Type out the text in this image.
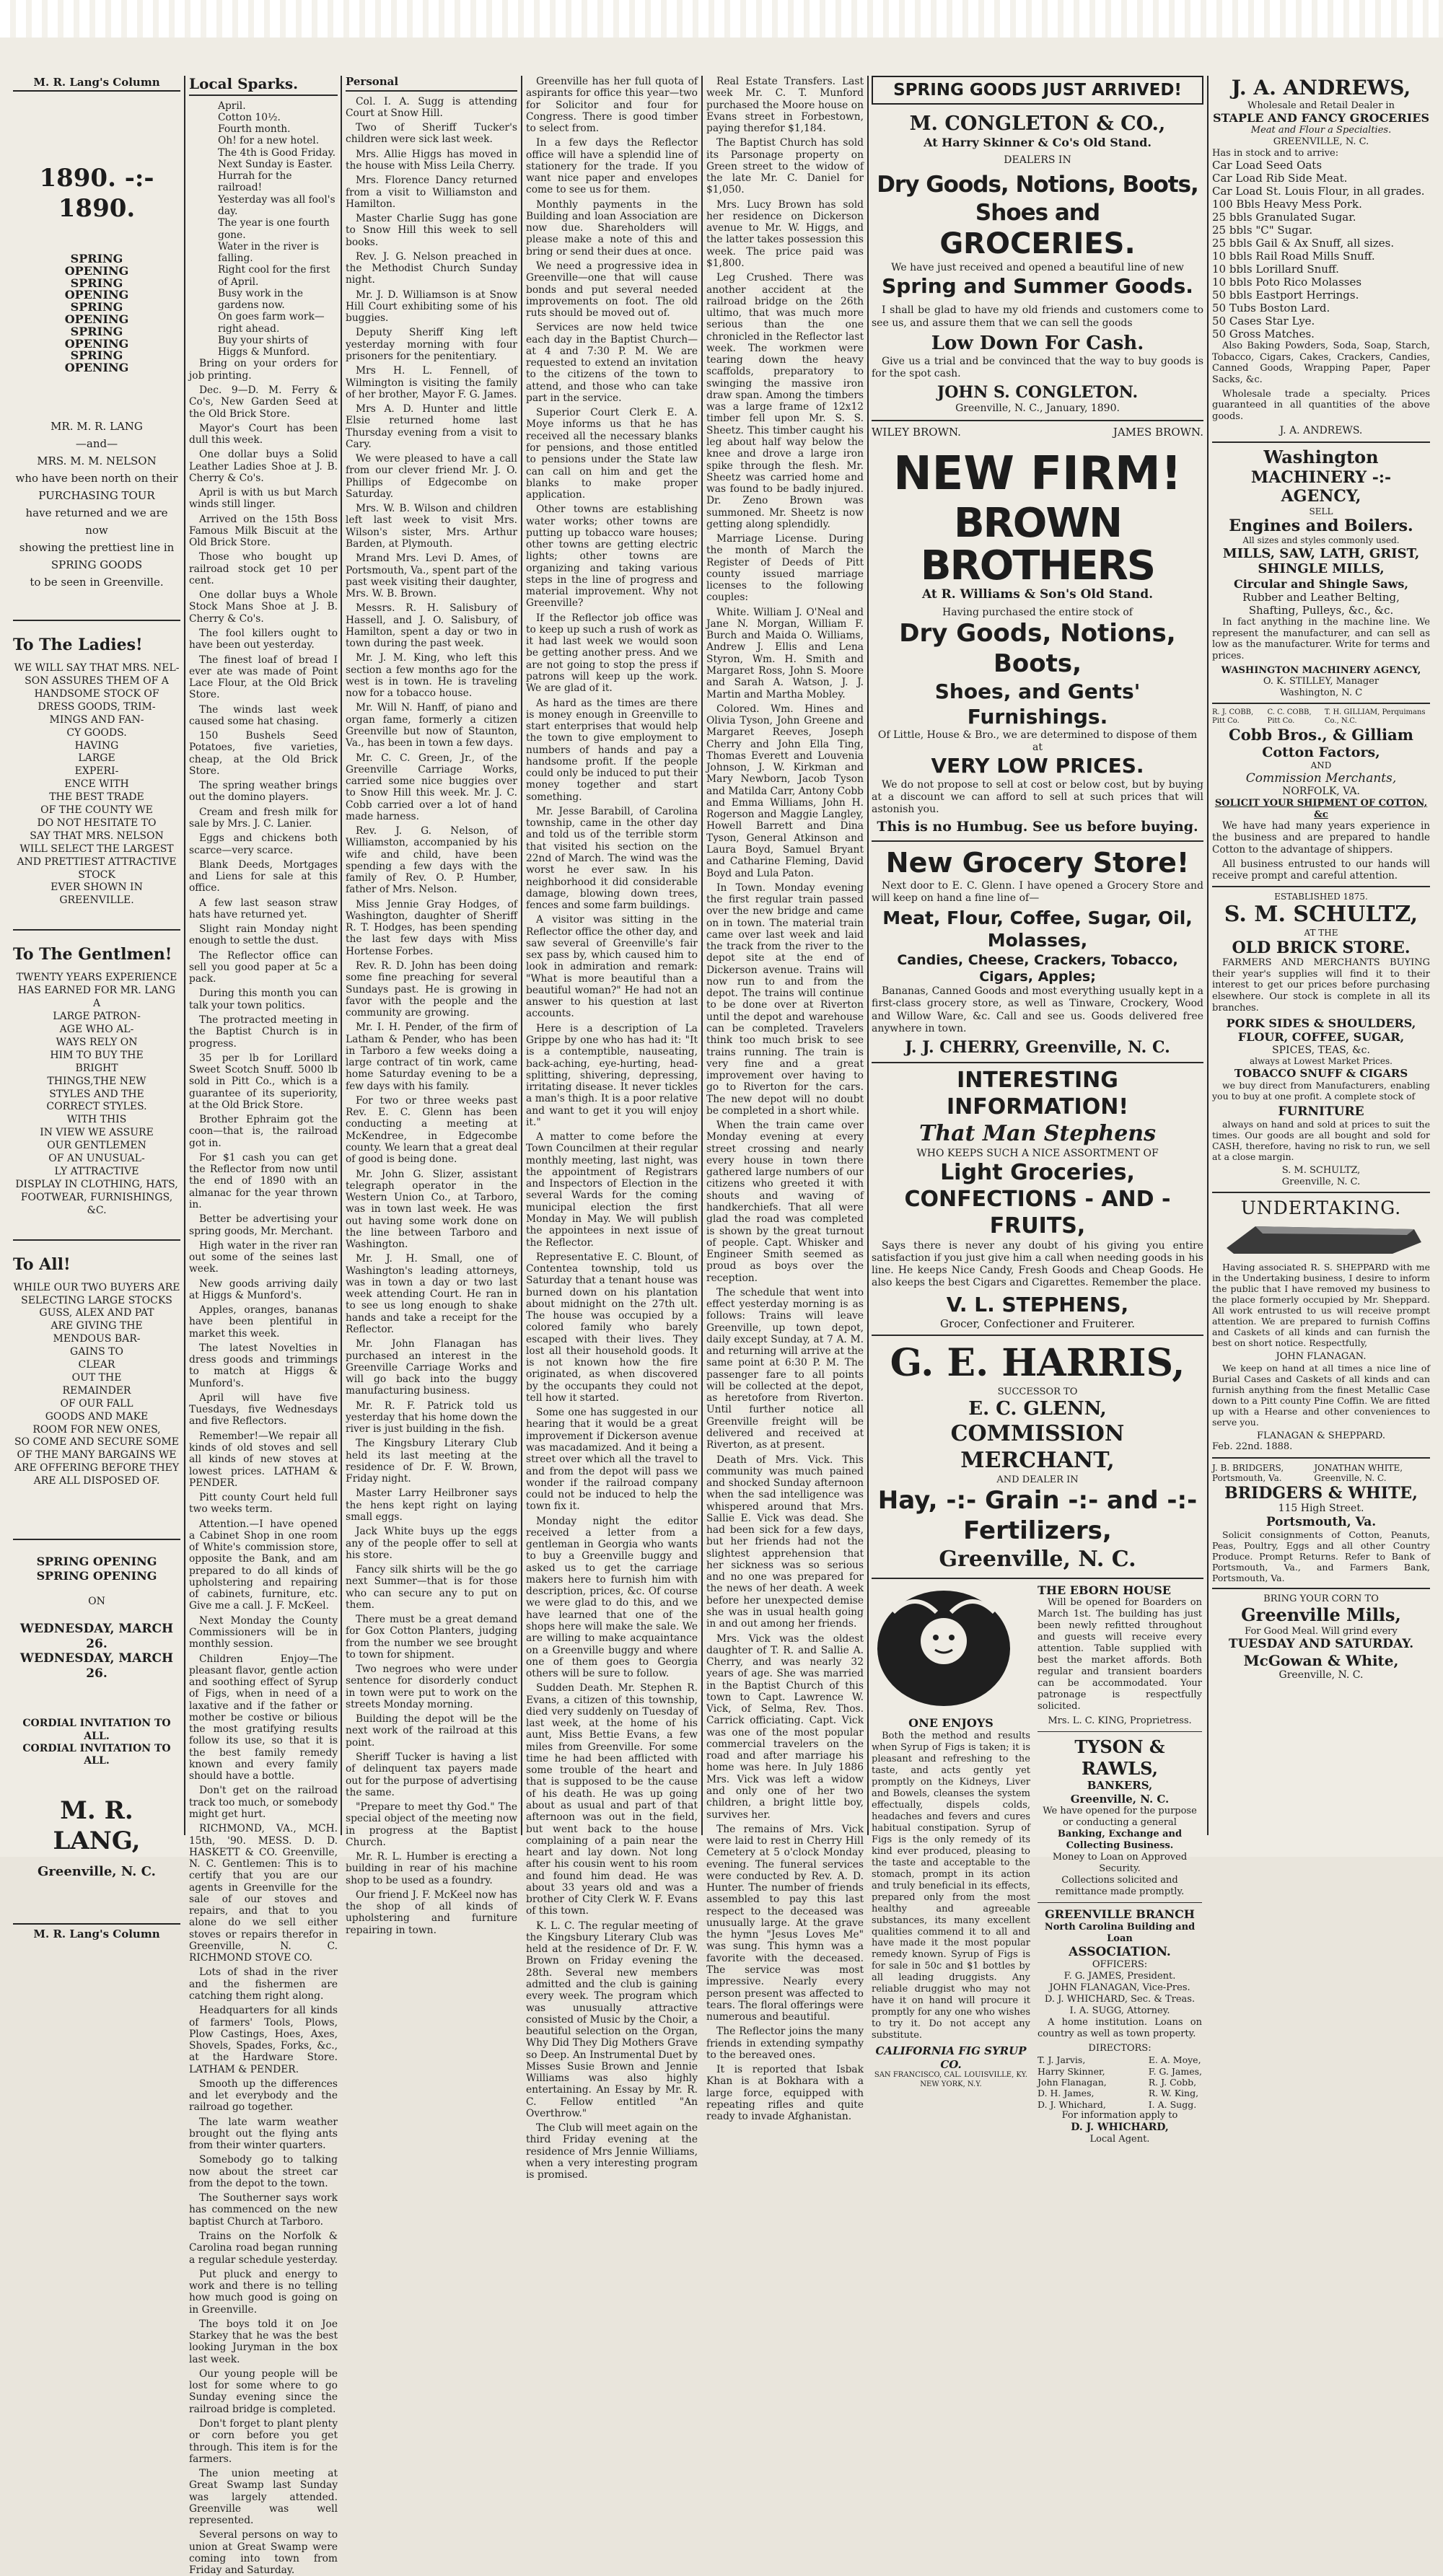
M. R. Lang's Column
1890. -:- 1890.
SPRING OPENING
SPRING OPENING
SPRING OPENING
SPRING OPENING
SPRING OPENING
MR. M. R. LANG
—and—
MRS. M. M. NELSON
who have been north on their
PURCHASING TOUR
have returned and we are now
showing the prettiest line in
SPRING GOODS
to be seen in Greenville.
To The Ladies!
WE WILL SAY THAT MRS. NEL-
SON ASSURES THEM OF A
HANDSOME STOCK OF
DRESS GOODS, TRIM-
MINGS AND FAN-
CY GOODS.
HAVING
LARGE
EXPERI-
ENCE WITH
THE BEST TRADE
OF THE COUNTY WE
DO NOT HESITATE TO
SAY THAT MRS. NELSON
WILL SELECT THE LARGEST
AND PRETTIEST ATTRACTIVE STOCK
EVER SHOWN IN GREENVILLE.
To The Gentlmen!
TWENTY YEARS EXPERIENCE
HAS EARNED FOR MR. LANG A
LARGE PATRON-
AGE WHO AL-
WAYS RELY ON
HIM TO BUY THE
BRIGHT
THINGS,THE NEW
STYLES AND THE
CORRECT STYLES.
WITH THIS
IN VIEW WE ASSURE
OUR GENTLEMEN
OF AN UNUSUAL-
LY ATTRACTIVE
DISPLAY IN CLOTHING, HATS,
FOOTWEAR, FURNISHINGS, &C.
To All!
WHILE OUR TWO BUYERS ARE
SELECTING LARGE STOCKS
GUSS, ALEX AND PAT
ARE GIVING THE
MENDOUS BAR-
GAINS TO
CLEAR
OUT THE
REMAINDER
OF OUR FALL
GOODS AND MAKE
ROOM FOR NEW ONES,
SO COME AND SECURE SOME
OF THE MANY BARGAINS WE
ARE OFFERING BEFORE THEY
ARE ALL DISPOSED OF.
SPRING OPENING
SPRING OPENING
ON
WEDNESDAY, MARCH 26.
WEDNESDAY, MARCH 26.
CORDIAL INVITATION TO ALL.
CORDIAL INVITATION TO ALL.
M. R. LANG,
Greenville, N. C.
M. R. Lang's Column
Local Sparks.
April.
Cotton 10½.
Fourth month.
Oh! for a new hotel.
The 4th is Good Friday.
Next Sunday is Easter.
Hurrah for the railroad!
Yesterday was all fool's day.
The year is one fourth gone.
Water in the river is falling.
Right cool for the first of April.
Busy work in the gardens now.
On goes farm work—right ahead.
Buy your shirts of Higgs & Munford.

Bring on your orders for job printing.

Dec. 9—D. M. Ferry & Co's, New Garden Seed at the Old Brick Store.

Mayor's Court has been dull this week.

One dollar buys a Solid Leather Ladies Shoe at J. B. Cherry & Co's.

April is with us but March winds still linger.

Arrived on the 15th Boss Famous Milk Biscuit at the Old Brick Store.

Those who bought up railroad stock get 10 per cent.

One dollar buys a Whole Stock Mans Shoe at J. B. Cherry & Co's.

The fool killers ought to have been out yesterday.

The finest loaf of bread I ever ate was made of Point Lace Flour, at the Old Brick Store.

The winds last week caused some hat chasing.

150 Bushels Seed Potatoes, five varieties, cheap, at the Old Brick Store.

The spring weather brings out the domino players.

Cream and fresh milk for sale by Mrs. J. C. Lanier.

Eggs and chickens both scarce—very scarce.

Blank Deeds, Mortgages and Liens for sale at this office.

A few last season straw hats have returned yet.

Slight rain Monday night enough to settle the dust.

The Reflector office can sell you good paper at 5c a pack.

During this month you can talk your town politics.

The protracted meeting in the Baptist Church is in progress.

35 per lb for Lorillard Sweet Scotch Snuff. 5000 lb sold in Pitt Co., which is a guarantee of its superiority, at the Old Brick Store.

Brother Ephraim got the coon—that is, the railroad got in.

For $1 cash you can get the Reflector from now until the end of 1890 with an almanac for the year thrown in.

Better be advertising your spring goods, Mr. Merchant.

High water in the river ran out some of the seines last week.

New goods arriving daily at Higgs & Munford's.

Apples, oranges, bananas have been plentiful in market this week.

The latest Novelties in dress goods and trimmings to match at Higgs & Munford's.

April will have five Tuesdays, five Wednesdays and five Reflectors.

Remember!—We repair all kinds of old stoves and sell all kinds of new stoves at lowest prices. LATHAM & PENDER.

Pitt county Court held full two weeks term.

Attention.—I have opened a Cabinet Shop in one room of White's commission store, opposite the Bank, and am prepared to do all kinds of upholstering and repairing of cabinets, furniture, etc. Give me a call. J. F. McKeel.

Next Monday the County Commissioners will be in monthly session.

Children Enjoy—The pleasant flavor, gentle action and soothing effect of Syrup of Figs, when in need of a laxative and if the father or mother be costive or bilious the most gratifying results follow its use, so that it is the best family remedy known and every family should have a bottle.

Don't get on the railroad track too much, or somebody might get hurt.

RICHMOND, VA., MCH. 15th, '90. MESS. D. D. HASKETT & CO. Greenville, N. C. Gentlemen: This is to certify that you are our agents in Greenville for the sale of our stoves and repairs, and that to you alone do we sell either stoves or repairs therefor in Greenville, N. C. RICHMOND STOVE CO.

Lots of shad in the river and the fishermen are catching them right along.

Headquarters for all kinds of farmers' Tools, Plows, Plow Castings, Hoes, Axes, Shovels, Spades, Forks, &c., at the Hardware Store. LATHAM & PENDER.

Smooth up the differences and let everybody and the railroad go together.

The late warm weather brought out the flying ants from their winter quarters.

Somebody go to talking now about the street car from the depot to the town.

The Southerner says work has commenced on the new baptist Church at Tarboro.

Trains on the Norfolk & Carolina road began running a regular schedule yesterday.

Put pluck and energy to work and there is no telling how much good is going on in Greenville.

The boys told it on Joe Starkey that he was the best looking Juryman in the box last week.

Our young people will be lost for some where to go Sunday evening since the railroad bridge is completed.

Don't forget to plant plenty or corn before you get through. This item is for the farmers.

The union meeting at Great Swamp last Sunday was largely attended. Greenville was well represented.

Several persons on way to union at Great Swamp were coming into town from Friday and Saturday.

Personal

Col. I. A. Sugg is attending Court at Snow Hill.

Two of Sheriff Tucker's children were sick last week.

Mrs. Allie Higgs has moved in the house with Miss Leila Cherry.

Mrs. Florence Dancy returned from a visit to Williamston and Hamilton.

Master Charlie Sugg has gone to Snow Hill this week to sell books.

Rev. J. G. Nelson preached in the Methodist Church Sunday night.

Mr. J. D. Williamson is at Snow Hill Court exhibiting some of his buggies.

Deputy Sheriff King left yesterday morning with four prisoners for the penitentiary.

Mrs H. L. Fennell, of Wilmington is visiting the family of her brother, Mayor F. G. James.

Mrs A. D. Hunter and little Elsie returned home last Thursday evening from a visit to Cary.

We were pleased to have a call from our clever friend Mr. J. O. Phillips of Edgecombe on Saturday.

Mrs. W. B. Wilson and children left last week to visit Mrs. Wilson's sister, Mrs. Arthur Barden, at Plymouth.

Mrand Mrs. Levi D. Ames, of Portsmouth, Va., spent part of the past week visiting their daughter, Mrs. W. B. Brown.

Messrs. R. H. Salisbury of Hassell, and J. O. Salisbury, of Hamilton, spent a day or two in town during the past week.

Mr. J. M. King, who left this section a few months ago for the west is in town. He is traveling now for a tobacco house.

Mr. Will N. Hanff, of piano and organ fame, formerly a citizen Greenville but now of Staunton, Va., has been in town a few days.

Mr. C. C. Green, Jr., of the Greenville Carriage Works, carried some nice buggies over to Snow Hill this week. Mr. J. C. Cobb carried over a lot of hand made harness.

Rev. J. G. Nelson, of Williamston, accompanied by his wife and child, have been spending a few days with the family of Rev. O. P. Humber, father of Mrs. Nelson.

Miss Jennie Gray Hodges, of Washington, daughter of Sheriff R. T. Hodges, has been spending the last few days with Miss Hortense Forbes.

Rev. R. D. John has been doing some fine preaching for several Sundays past. He is growing in favor with the people and the community are growing.

Mr. I. H. Pender, of the firm of Latham & Pender, who has been in Tarboro a few weeks doing a large contract of tin work, came home Saturday evening to be a few days with his family.

For two or three weeks past Rev. E. C. Glenn has been conducting a meeting at McKendree, in Edgecombe county. We learn that a great deal of good is being done.

Mr. John G. Slizer, assistant telegraph operator in the Western Union Co., at Tarboro, was in town last week. He was out having some work done on the line between Tarboro and Washington.

Mr. J. H. Small, one of Washington's leading attorneys, was in town a day or two last week attending Court. He ran in to see us long enough to shake hands and take a receipt for the Reflector.

Mr. John Flanagan has purchased an interest in the Greenville Carriage Works and will go back into the buggy manufacturing business.

Mr. R. F. Patrick told us yesterday that his home down the river is just building in the fish.

The Kingsbury Literary Club held its last meeting at the residence of Dr. F. W. Brown, Friday night.

Master Larry Heilbroner says the hens kept right on laying small eggs.

Jack White buys up the eggs any of the people offer to sell at his store.

Fancy silk shirts will be the go next Summer—that is for those who can secure any to put on them.

There must be a great demand for Gox Cotton Planters, judging from the number we see brought to town for shipment.

Two negroes who were under sentence for disorderly conduct in town were put to work on the streets Monday morning.

Building the depot will be the next work of the railroad at this point.

Sheriff Tucker is having a list of delinquent tax payers made out for the purpose of advertising the same.

"Prepare to meet thy God." The special object of the meeting now in progress at the Baptist Church.

Mr. R. L. Humber is erecting a building in rear of his machine shop to be used as a foundry.

Our friend J. F. McKeel now has the shop of all kinds of upholstering and furniture repairing in town.

Greenville has her full quota of aspirants for office this year—two for Solicitor and four for Congress. There is good timber to select from.

In a few days the Reflector office will have a splendid line of stationery for the trade. If you want nice paper and envelopes come to see us for them.

Monthly payments in the Building and loan Association are now due. Shareholders will please make a note of this and bring or send their dues at once.

We need a progressive idea in Greenville—one that will cause bonds and put several needed improvements on foot. The old ruts should be moved out of.

Services are now held twice each day in the Baptist Church—at 4 and 7:30 P. M. We are requested to extend an invitation to the citizens of the town to attend, and those who can take part in the service.

Superior Court Clerk E. A. Moye informs us that he has received all the necessary blanks for pensions, and those entitled to pensions under the State law can call on him and get the blanks to make proper application.

Other towns are establishing water works; other towns are putting up tobacco ware houses; other towns are getting electric lights; other towns are organizing and taking various steps in the line of progress and material improvement. Why not Greenville?

If the Reflector job office was to keep up such a rush of work as it had last week we would soon be getting another press. And we are not going to stop the press if patrons will keep up the work. We are glad of it.

As hard as the times are there is money enough in Greenville to start enterprises that would help the town to give employment to numbers of hands and pay a handsome profit. If the people could only be induced to put their money together and start something.

Mr. Jesse Barabill, of Carolina township, came in the other day and told us of the terrible storm that visited his section on the 22nd of March. The wind was the worst he ever saw. In his neighborhood it did considerable damage, blowing down trees, fences and some farm buildings.

A visitor was sitting in the Reflector office the other day, and saw several of Greenville's fair sex pass by, which caused him to look in admiration and remark: "What is more beautiful than a beautiful woman?" He had not an answer to his question at last accounts.

Here is a description of La Grippe by one who has had it: "It is a contemptible, nauseating, back-aching, eye-hurting, head-splitting, shivering, depressing, irritating disease. It never tickles a man's thigh. It is a poor relative and want to get it you will enjoy it."

A matter to come before the Town Councilmen at their regular monthly meeting, last night, was the appointment of Registrars and Inspectors of Election in the several Wards for the coming municipal election the first Monday in May. We will publish the appointees in next issue of the Reflector.

Representative E. C. Blount, of Contentea township, told us Saturday that a tenant house was burned down on his plantation about midnight on the 27th ult. The house was occupied by a colored family who barely escaped with their lives. They lost all their household goods. It is not known how the fire originated, as when discovered by the occupants they could not tell how it started.

Some one has suggested in our hearing that it would be a great improvement if Dickerson avenue was macadamized. And it being a street over which all the travel to and from the depot will pass we wonder if the railroad company could not be induced to help the town fix it.

Monday night the editor received a letter from a gentleman in Georgia who wants to buy a Greenville buggy and asked us to get the carriage makers here to furnish him with description, prices, &c. Of course we were glad to do this, and we have learned that one of the shops here will make the sale. We are willing to make acquaintance on a Greenville buggy and where one of them goes to Georgia others will be sure to follow.

Sudden Death. Mr. Stephen R. Evans, a citizen of this township, died very suddenly on Tuesday of last week, at the home of his aunt, Miss Bettie Evans, a few miles from Greenville. For some time he had been afflicted with some trouble of the heart and that is supposed to be the cause of his death. He was up going about as usual and part of that afternoon was out in the field, but went back to the house complaining of a pain near the heart and lay down. Not long after his cousin went to his room and found him dead. He was about 33 years old and was a brother of City Clerk W. F. Evans of this town.

K. L. C. The regular meeting of the Kingsbury Literary Club was held at the residence of Dr. F. W. Brown on Friday evening the 28th. Several new members admitted and the club is gaining every week. The program which was unusually attractive consisted of Music by the Choir, a beautiful selection on the Organ, Why Did They Dig Mothers Grave so Deep. An Instrumental Duet by Misses Susie Brown and Jennie Williams was also highly entertaining. An Essay by Mr. R. C. Fellow entitled "An Overthrow."

The Club will meet again on the third Friday evening at the residence of Mrs Jennie Williams, when a very interesting program is promised.

Real Estate Transfers. Last week Mr. C. T. Munford purchased the Moore house on Evans street in Forbestown, paying therefor $1,184.

The Baptist Church has sold its Parsonage property on Green street to the widow of the late Mr. C. Daniel for $1,050.

Mrs. Lucy Brown has sold her residence on Dickerson avenue to Mr. W. Higgs, and the latter takes possession this week. The price paid was $1,800.

Leg Crushed. There was another accident at the railroad bridge on the 26th ultimo, that was much more serious than the one chronicled in the Reflector last week. The workmen were tearing down the heavy scaffolds, preparatory to swinging the massive iron draw span. Among the timbers was a large frame of 12x12 timber fell upon Mr. S. S. Sheetz. This timber caught his leg about half way below the knee and drove a large iron spike through the flesh. Mr. Sheetz was carried home and was found to be badly injured. Dr. Zeno Brown was summoned. Mr. Sheetz is now getting along splendidly.

Marriage License. During the month of March the Register of Deeds of Pitt county issued marriage licenses to the following couples:

White. William J. O'Neal and Jane N. Morgan, William F. Burch and Maida O. Williams, Andrew J. Ellis and Lena Styron, Wm. H. Smith and Margaret Ross, John S. Moore and Sarah A. Watson, J. J. Martin and Martha Mobley.

Colored. Wm. Hines and Olivia Tyson, John Greene and Margaret Reeves, Joseph Cherry and John Ella Ting, Thomas Everett and Louvenia Johnson, J. W. Kirkman and Mary Newborn, Jacob Tyson and Matilda Carr, Antony Cobb and Emma Williams, John H. Rogerson and Maggie Langley, Howell Barrett and Dina Tyson, General Atkinson and Laura Boyd, Samuel Bryant and Catharine Fleming, David Boyd and Lula Paton.

In Town. Monday evening the first regular train passed over the new bridge and came on in town. The material train came over last week and laid the track from the river to the depot site at the end of Dickerson avenue. Trains will now run to and from the depot. The trains will continue to be done over at Riverton until the depot and warehouse can be completed. Travelers think too much brisk to see trains running. The train is very fine and a great improvement over having to go to Riverton for the cars. The new depot will no doubt be completed in a short while.

When the train came over Monday evening at every street crossing and nearly every house in town there gathered large numbers of our citizens who greeted it with shouts and waving of handkerchiefs. That all were glad the road was completed is shown by the great turnout of people. Capt. Whisker and Engineer Smith seemed as proud as boys over the reception.

The schedule that went into effect yesterday morning is as follows: Trains will leave Greenville, up town depot, daily except Sunday, at 7 A. M. and returning will arrive at the same point at 6:30 P. M. The passenger fare to all points will be collected at the depot, as heretofore from Riverton. Until further notice all Greenville freight will be delivered and received at Riverton, as at present.

Death of Mrs. Vick. This community was much pained and shocked Sunday afternoon when the sad intelligence was whispered around that Mrs. Sallie E. Vick was dead. She had been sick for a few days, but her friends had not the slightest apprehension that her sickness was so serious and no one was prepared for the news of her death. A week before her unexpected demise she was in usual health going in and out among her friends.

Mrs. Vick was the oldest daughter of T. R. and Sallie A. Cherry, and was nearly 32 years of age. She was married in the Baptist Church of this town to Capt. Lawrence W. Vick, of Selma, Rev. Thos. Carrick officiating. Capt. Vick was one of the most popular commercial travelers on the road and after marriage his home was here. In July 1886 Mrs. Vick was left a widow and only one of her two children, a bright little boy, survives her.

The remains of Mrs. Vick were laid to rest in Cherry Hill Cemetery at 5 o'clock Monday evening. The funeral services were conducted by Rev. A. D. Hunter. The number of friends assembled to pay this last respect to the deceased was unusually large. At the grave the hymn "Jesus Loves Me" was sung. This hymn was a favorite with the deceased. The service was most impressive. Nearly every person present was affected to tears. The floral offerings were numerous and beautiful.

The Reflector joins the many friends in extending sympathy to the bereaved ones.

It is reported that Isbak Khan is at Bokhara with a large force, equipped with repeating rifles and quite ready to invade Afghanistan.

SPRING GOODS JUST ARRIVED!
M. CONGLETON & CO.,
At Harry Skinner & Co's Old Stand.
DEALERS IN
Dry Goods, Notions, Boots, Shoes and
GROCERIES.
We have just received and opened a beautiful line of new
Spring and Summer Goods.
I shall be glad to have my old friends and customers come to see us, and assure them that we can sell the goods
Low Down For Cash.
Give us a trial and be convinced that the way to buy goods is for the spot cash.
JOHN S. CONGLETON.
Greenville, N. C., January, 1890.
WILEY BROWN.	JAMES BROWN.
NEW FIRM!
BROWN BROTHERS
At R. Williams & Son's Old Stand.
Having purchased the entire stock of
Dry Goods, Notions, Boots,
Shoes, and Gents' Furnishings.
Of Little, House & Bro., we are determined to dispose of them at
VERY LOW PRICES.
We do not propose to sell at cost or below cost, but by buying at a discount we can afford to sell at such prices that will astonish you.
This is no Humbug. See us before buying.
New Grocery Store!
Next door to E. C. Glenn. I have opened a Grocery Store and will keep on hand a fine line of—
Meat, Flour, Coffee, Sugar, Oil, Molasses,
Candies, Cheese, Crackers, Tobacco, Cigars, Apples;
Bananas, Canned Goods and most everything usually kept in a first-class grocery store, as well as Tinware, Crockery, Wood and Willow Ware, &c. Call and see us. Goods delivered free anywhere in town.
J. J. CHERRY, Greenville, N. C.
INTERESTING INFORMATION!
That Man Stephens
WHO KEEPS SUCH A NICE ASSORTMENT OF
Light Groceries,
CONFECTIONS - AND - FRUITS,
Says there is never any doubt of his giving you entire satisfaction if you just give him a call when needing goods in his line. He keeps Nice Candy, Fresh Goods and Cheap Goods. He also keeps the best Cigars and Cigarettes. Remember the place.
V. L. STEPHENS,
Grocer, Confectioner and Fruiterer.
G. E. HARRIS,
SUCCESSOR TO
E. C. GLENN,
COMMISSION MERCHANT,
AND DEALER IN
Hay, -:- Grain -:- and -:- Fertilizers,
Greenville, N. C.
ONE ENJOYS
Both the method and results when Syrup of Figs is taken; it is pleasant and refreshing to the taste, and acts gently yet promptly on the Kidneys, Liver and Bowels, cleanses the system effectually, dispels colds, headaches and fevers and cures habitual constipation. Syrup of Figs is the only remedy of its kind ever produced, pleasing to the taste and acceptable to the stomach, prompt in its action and truly beneficial in its effects, prepared only from the most healthy and agreeable substances, its many excellent qualities commend it to all and have made it the most popular remedy known. Syrup of Figs is for sale in 50c and $1 bottles by all leading druggists. Any reliable druggist who may not have it on hand will procure it promptly for any one who wishes to try it. Do not accept any substitute.
CALIFORNIA FIG SYRUP CO.
SAN FRANCISCO, CAL. LOUISVILLE, KY. NEW YORK, N.Y.
THE EBORN HOUSE
Will be opened for Boarders on March 1st. The building has just been newly refitted throughout and guests will receive every attention. Table supplied with best the market affords. Both regular and transient boarders can be accommodated. Your patronage is respectfully solicited.
Mrs. L. C. KING, Proprietress.
TYSON & RAWLS,
BANKERS,
Greenville, N. C.
We have opened for the purpose or conducting a general
Banking, Exchange and Collecting Business.
Money to Loan on Approved Security.
Collections solicited and remittance made promptly.
GREENVILLE BRANCH
North Carolina Building and Loan
ASSOCIATION.
OFFICERS:
F. G. JAMES, President.
JOHN FLANAGAN, Vice-Pres.
D. J. WHICHARD, Sec. & Treas.
I. A. SUGG, Attorney.
A home institution. Loans on country as well as town property.
DIRECTORS:
T. J. Jarvis,
Harry Skinner,
John Flanagan,
D. H. James,
D. J. Whichard,
E. A. Moye,
F. G. James,
R. J. Cobb,
R. W. King,
I. A. Sugg.
For information apply to
D. J. WHICHARD,
Local Agent.
J. A. ANDREWS,
Wholesale and Retail Dealer in
STAPLE AND FANCY GROCERIES
Meat and Flour a Specialties.
GREENVILLE, N. C.
Has in stock and to arrive:
Car Load Seed Oats
Car Load Rib Side Meat.
Car Load St. Louis Flour, in all grades.
100 Bbls Heavy Mess Pork.
25 bbls Granulated Sugar.
25 bbls "C" Sugar.
25 bbls Gail & Ax Snuff, all sizes.
10 bbls Rail Road Mills Snuff.
10 bbls Lorillard Snuff.
10 bbls Poto Rico Molasses
50 bbls Eastport Herrings.
50 Tubs Boston Lard.
50 Cases Star Lye.
50 Gross Matches.
Also Baking Powders, Soda, Soap, Starch, Tobacco, Cigars, Cakes, Crackers, Candies, Canned Goods, Wrapping Paper, Paper Sacks, &c.
Wholesale trade a specialty. Prices guaranteed in all quantities of the above goods.
J. A. ANDREWS.
Washington
MACHINERY -:- AGENCY,
SELL
Engines and Boilers.
All sizes and styles commonly used.
MILLS, SAW, LATH, GRIST, SHINGLE MILLS,
Circular and Shingle Saws,
Rubber and Leather Belting,
Shafting, Pulleys, &c., &c.
In fact anything in the machine line. We represent the manufacturer, and can sell as low as the manufacturer. Write for terms and prices.
WASHINGTON MACHINERY AGENCY,
O. K. STILLEY, Manager
Washington, N. C
R. J. COBB, Pitt Co.
C. C. COBB, Pitt Co.
T. H. GILLIAM, Perquimans Co., N.C.
Cobb Bros., & Gilliam
Cotton Factors,
AND
Commission Merchants,
NORFOLK, VA.
SOLICIT YOUR SHIPMENT OF COTTON, &c
We have had many years experience in the business and are prepared to handle Cotton to the advantage of shippers.
All business entrusted to our hands will receive prompt and careful attention.
ESTABLISHED 1875.
S. M. SCHULTZ,
AT THE
OLD BRICK STORE.
FARMERS AND MERCHANTS BUYING their year's supplies will find it to their interest to get our prices before purchasing elsewhere. Our stock is complete in all its branches.
PORK SIDES & SHOULDERS,
FLOUR, COFFEE, SUGAR,
SPICES, TEAS, &c.
always at Lowest Market Prices.
TOBACCO SNUFF & CIGARS
we buy direct from Manufacturers, enabling you to buy at one profit. A complete stock of
FURNITURE
always on hand and sold at prices to suit the times. Our goods are all bought and sold for CASH, therefore, having no risk to run, we sell at a close margin.
S. M. SCHULTZ,
Greenville, N. C.
UNDERTAKING.
Having associated R. S. SHEPPARD with me in the Undertaking business, I desire to inform the public that I have removed my business to the place formerly occupied by Mr. Sheppard. All work entrusted to us will receive prompt attention. We are prepared to furnish Coffins and Caskets of all kinds and can furnish the best on short notice. Respectfully,
JOHN FLANAGAN.
We keep on hand at all times a nice line of Burial Cases and Caskets of all kinds and can furnish anything from the finest Metallic Case down to a Pitt county Pine Coffin. We are fitted up with a Hearse and other conveniences to serve you.
FLANAGAN & SHEPPARD.
Feb. 22nd. 1888.
J. B. BRIDGERS, Portsmouth, Va.
JONATHAN WHITE, Greenville, N. C.
BRIDGERS & WHITE,
115 High Street.
Portsmouth, Va.
Solicit consignments of Cotton, Peanuts, Peas, Poultry, Eggs and all other Country Produce. Prompt Returns. Refer to Bank of Portsmouth, Va., and Farmers Bank, Portsmouth, Va.
BRING YOUR CORN TO
Greenville Mills,
For Good Meal. Will grind every
TUESDAY AND SATURDAY.
McGowan & White,
Greenville, N. C.
